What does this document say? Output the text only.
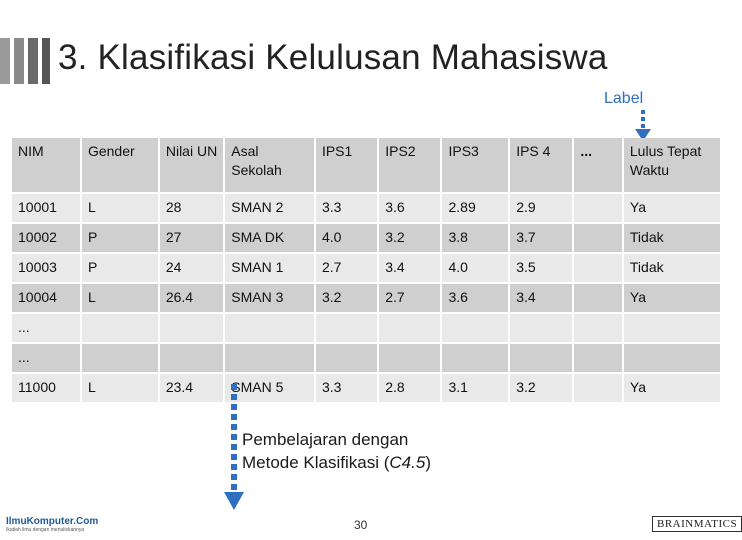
3. Klasifikasi Kelulusan Mahasiswa
Label
NIM	Gender	Nilai UN	Asal Sekolah	IPS1	IPS2	IPS3	IPS 4	...	Lulus Tepat Waktu
10001	L	28	SMAN 2	3.3	3.6	2.89	2.9		Ya
10002	P	27	SMA DK	4.0	3.2	3.8	3.7		Tidak
10003	P	24	SMAN 1	2.7	3.4	4.0	3.5		Tidak
10004	L	26.4	SMAN 3	3.2	2.7	3.6	3.4		Ya
...									
...									
11000	L	23.4	SMAN 5	3.3	2.8	3.1	3.2		Ya
Pembelajaran dengan
Metode Klasifikasi (C4.5)
30
IlmuKomputer.Com
Ikatlah ilmu dengan menuliskannya	BRAINMATICS
